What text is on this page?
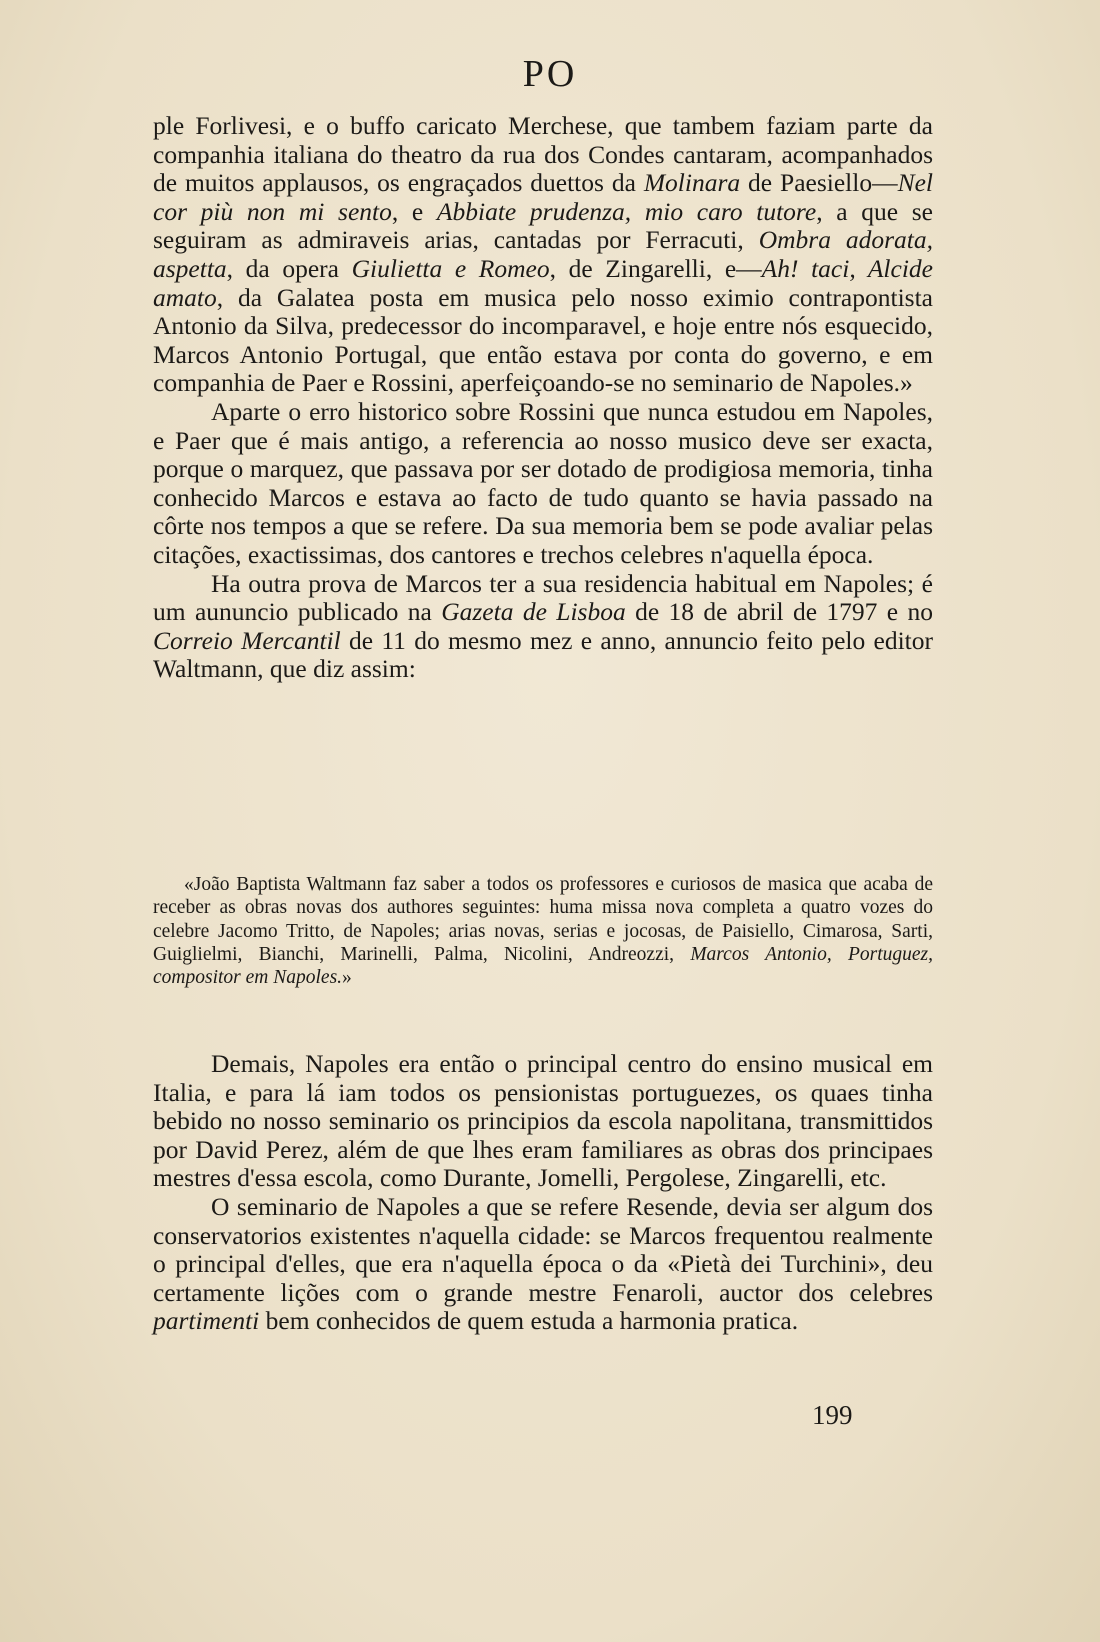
PO

ple Forlivesi, e o buffo caricato Merchese, que tambem faziam parte da companhia italiana do theatro da rua dos Condes cantaram, acompanhados de muitos applausos, os engraçados duettos da Molinara de Paesiello—Nel cor più non mi sento, e Abbiate prudenza, mio caro tutore, a que se seguiram as admiraveis arias, cantadas por Ferracuti, Ombra adorata, aspetta, da opera Giulietta e Romeo, de Zingarelli, e—Ah! taci, Alcide amato, da Galatea posta em musica pelo nosso eximio contrapontista Antonio da Silva, predecessor do incomparavel, e hoje entre nós esquecido, Marcos Antonio Portugal, que então estava por conta do governo, e em companhia de Paer e Rossini, aperfeiçoando-se no seminario de Napoles.»

Aparte o erro historico sobre Rossini que nunca estudou em Napoles, e Paer que é mais antigo, a referencia ao nosso musico deve ser exacta, porque o marquez, que passava por ser dotado de prodigiosa memoria, tinha conhecido Marcos e estava ao facto de tudo quanto se havia passado na côrte nos tempos a que se refere. Da sua memoria bem se pode avaliar pelas citações, exactissimas, dos cantores e trechos celebres n'aquella época.

Ha outra prova de Marcos ter a sua residencia habitual em Napoles; é um aununcio publicado na Gazeta de Lisboa de 18 de abril de 1797 e no Correio Mercantil de 11 do mesmo mez e anno, annuncio feito pelo editor Waltmann, que diz assim:

«João Baptista Waltmann faz saber a todos os professores e curiosos de masica que acaba de receber as obras novas dos authores seguintes: huma missa nova completa a quatro vozes do celebre Jacomo Tritto, de Napoles; arias novas, serias e jocosas, de Paisiello, Cimarosa, Sarti, Guiglielmi, Bianchi, Marinelli, Palma, Nicolini, Andreozzi, Marcos Antonio, Portuguez, compositor em Napoles.»

Demais, Napoles era então o principal centro do ensino musical em Italia, e para lá iam todos os pensionistas portuguezes, os quaes tinha bebido no nosso seminario os principios da escola napolitana, transmittidos por David Perez, além de que lhes eram familiares as obras dos principaes mestres d'essa escola, como Durante, Jomelli, Pergolese, Zingarelli, etc.

O seminario de Napoles a que se refere Resende, devia ser algum dos conservatorios existentes n'aquella cidade: se Marcos frequentou realmente o principal d'elles, que era n'aquella época o da «Pietà dei Turchini», deu certamente lições com o grande mestre Fenaroli, auctor dos celebres partimenti bem conhecidos de quem estuda a harmonia pratica.

199
